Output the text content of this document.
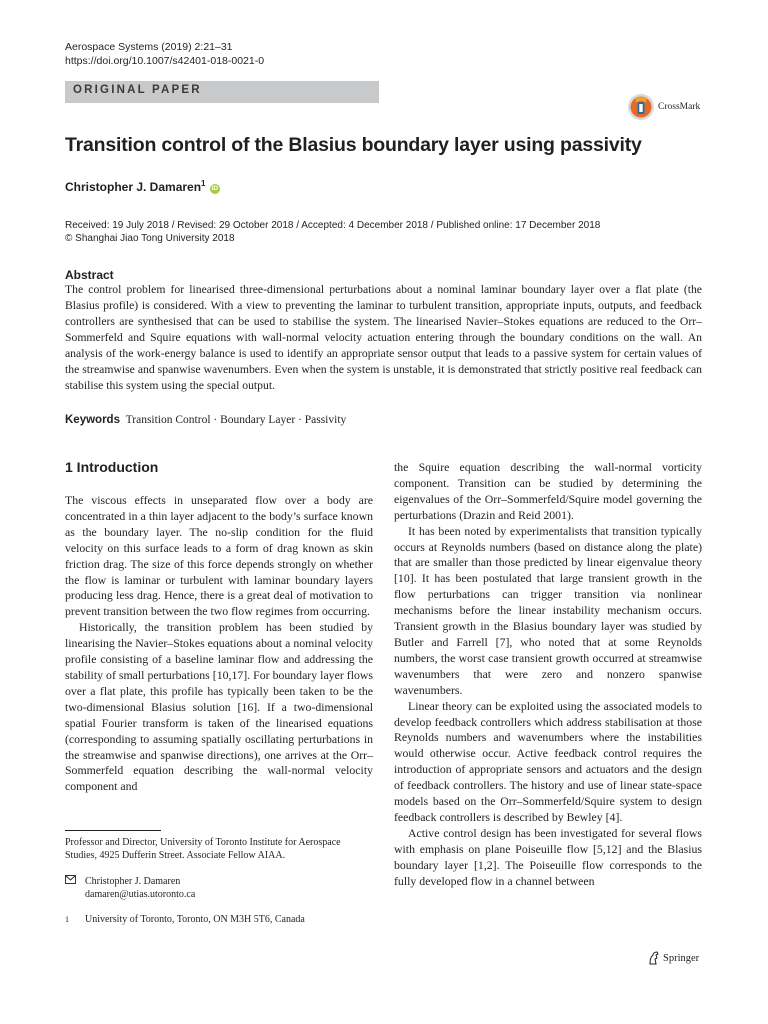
Aerospace Systems (2019) 2:21–31
https://doi.org/10.1007/s42401-018-0021-0
ORIGINAL PAPER
CrossMark
Transition control of the Blasius boundary layer using passivity
Christopher J. Damaren$^1$ iD
Received: 19 July 2018 / Revised: 29 October 2018 / Accepted: 4 December 2018 / Published online: 17 December 2018
© Shanghai Jiao Tong University 2018
Abstract
The control problem for linearised three-dimensional perturbations about a nominal laminar boundary layer over a flat plate (the Blasius profile) is considered. With a view to preventing the laminar to turbulent transition, appropriate inputs, outputs, and feedback controllers are synthesised that can be used to stabilise the system. The linearised Navier–Stokes equations are reduced to the Orr–Sommerfeld and Squire equations with wall-normal velocity actuation entering through the boundary conditions on the wall. An analysis of the work-energy balance is used to identify an appropriate sensor output that leads to a passive system for certain values of the streamwise and spanwise wavenumbers. Even when the system is unstable, it is demonstrated that strictly positive real feedback can stabilise this system using the special output.
Keywords Transition Control · Boundary Layer · Passivity
1 Introduction

The viscous effects in unseparated flow over a body are concentrated in a thin layer adjacent to the body’s surface known as the boundary layer. The no-slip condition for the fluid velocity on this surface leads to a form of drag known as skin friction drag. The size of this force depends strongly on whether the flow is laminar or turbulent with laminar boundary layers producing less drag. Hence, there is a great deal of motivation to prevent transition between the two flow regimes from occurring.

Historically, the transition problem has been studied by linearising the Navier–Stokes equations about a nominal velocity profile consisting of a baseline laminar flow and addressing the stability of small perturbations [10,17]. For boundary layer flows over a flat plate, this profile has typically been taken to be the two-dimensional Blasius solution [16]. If a two-dimensional spatial Fourier transform is taken of the linearised equations (corresponding to assuming spatially oscillating perturbations in the streamwise and spanwise directions), one arrives at the Orr–Sommerfeld equation describing the wall-normal velocity component and

the Squire equation describing the wall-normal vorticity component. Transition can be studied by determining the eigenvalues of the Orr–Sommerfeld/Squire model governing the perturbations (Drazin and Reid 2001).

It has been noted by experimentalists that transition typically occurs at Reynolds numbers (based on distance along the plate) that are smaller than those predicted by linear eigenvalue theory [10]. It has been postulated that large transient growth in the flow perturbations can trigger transition via nonlinear mechanisms before the linear instability mechanism occurs. Transient growth in the Blasius boundary layer was studied by Butler and Farrell [7], who noted that at some Reynolds numbers, the worst case transient growth occurred at streamwise wavenumbers that were zero and nonzero spanwise wavenumbers.

Linear theory can be exploited using the associated models to develop feedback controllers which address stabilisation at those Reynolds numbers and wavenumbers where the instabilities would otherwise occur. Active feedback control requires the introduction of appropriate sensors and actuators and the design of feedback controllers. The history and use of linear state-space models based on the Orr–Sommerfeld/Squire system to design feedback controllers is described by Bewley [4].

Active control design has been investigated for several flows with emphasis on plane Poiseuille flow [5,12] and the Blasius boundary layer [1,2]. The Poiseuille flow corresponds to the fully developed flow in a channel between

Professor and Director, University of Toronto Institute for Aerospace Studies, 4925 Dufferin Street. Associate Fellow AIAA.
Christopher J. Damaren
damaren@utias.utoronto.ca
1	University of Toronto, Toronto, ON M3H 5T6, Canada
Springer
